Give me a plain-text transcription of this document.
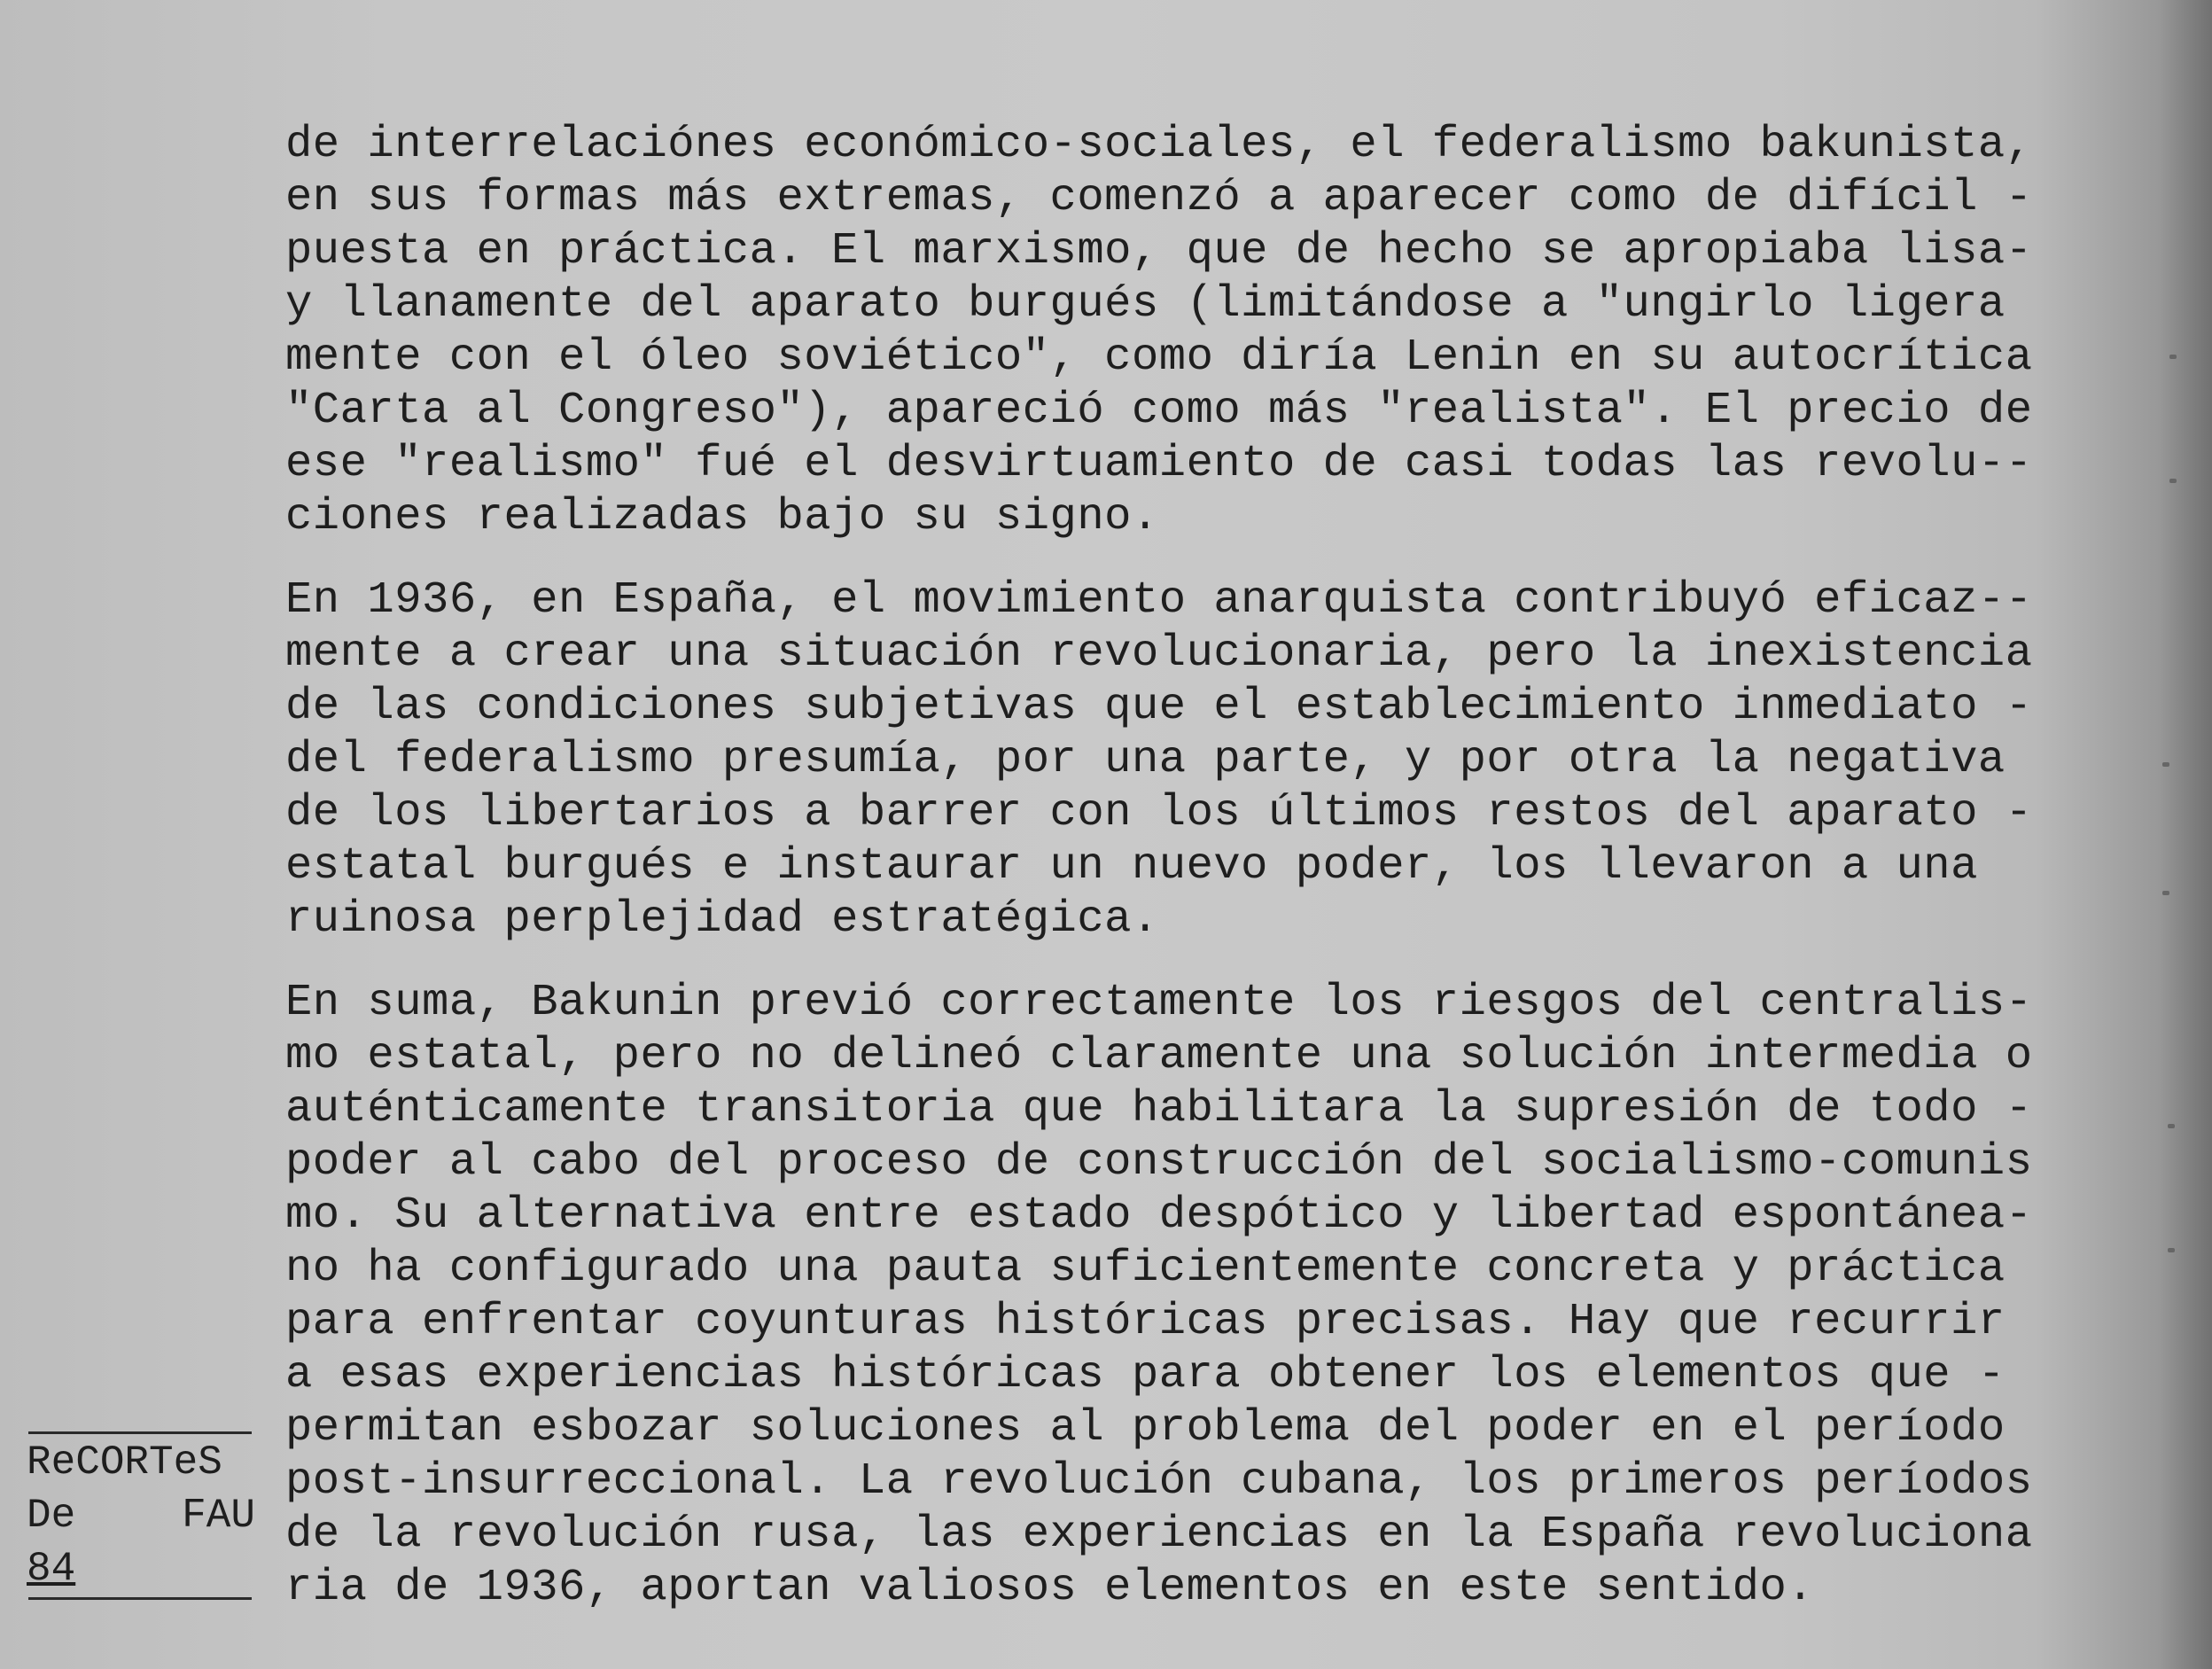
de interrelaciónes económico-sociales, el federalismo bakunista,
en sus formas más extremas, comenzó a aparecer como de difícil -
puesta en práctica. El marxismo, que de hecho se apropiaba lisa-
y llanamente del aparato burgués (limitándose a "ungirlo ligera
mente con el óleo soviético", como diría Lenin en su autocrítica
"Carta al Congreso"), apareció como más "realista". El precio de
ese "realismo" fué el desvirtuamiento de casi todas las revolu--
ciones realizadas bajo su signo.
En 1936, en España, el movimiento anarquista contribuyó eficaz--
mente a crear una situación revolucionaria, pero la inexistencia
de las condiciones subjetivas que el establecimiento inmediato -
del federalismo presumía, por una parte, y por otra la negativa
de los libertarios a barrer con los últimos restos del aparato -
estatal burgués e instaurar un nuevo poder, los llevaron a una
ruinosa perplejidad estratégica.
En suma, Bakunin previó correctamente los riesgos del centralis-
mo estatal, pero no delineó claramente una solución intermedia o
auténticamente transitoria que habilitara la supresión de todo -
poder al cabo del proceso de construcción del socialismo-comunis
mo. Su alternativa entre estado despótico y libertad espontánea-
no ha configurado una pauta suficientemente concreta y práctica
para enfrentar coyunturas históricas precisas. Hay que recurrir
a esas experiencias históricas para obtener los elementos que -
permitan esbozar soluciones al problema del poder en el período
post-insurreccional. La revolución cubana, los primeros períodos
de la revolución rusa, las experiencias en la España revoluciona
ria de 1936, aportan valiosos elementos en este sentido.
ReCORTeS
De	FAU
84
